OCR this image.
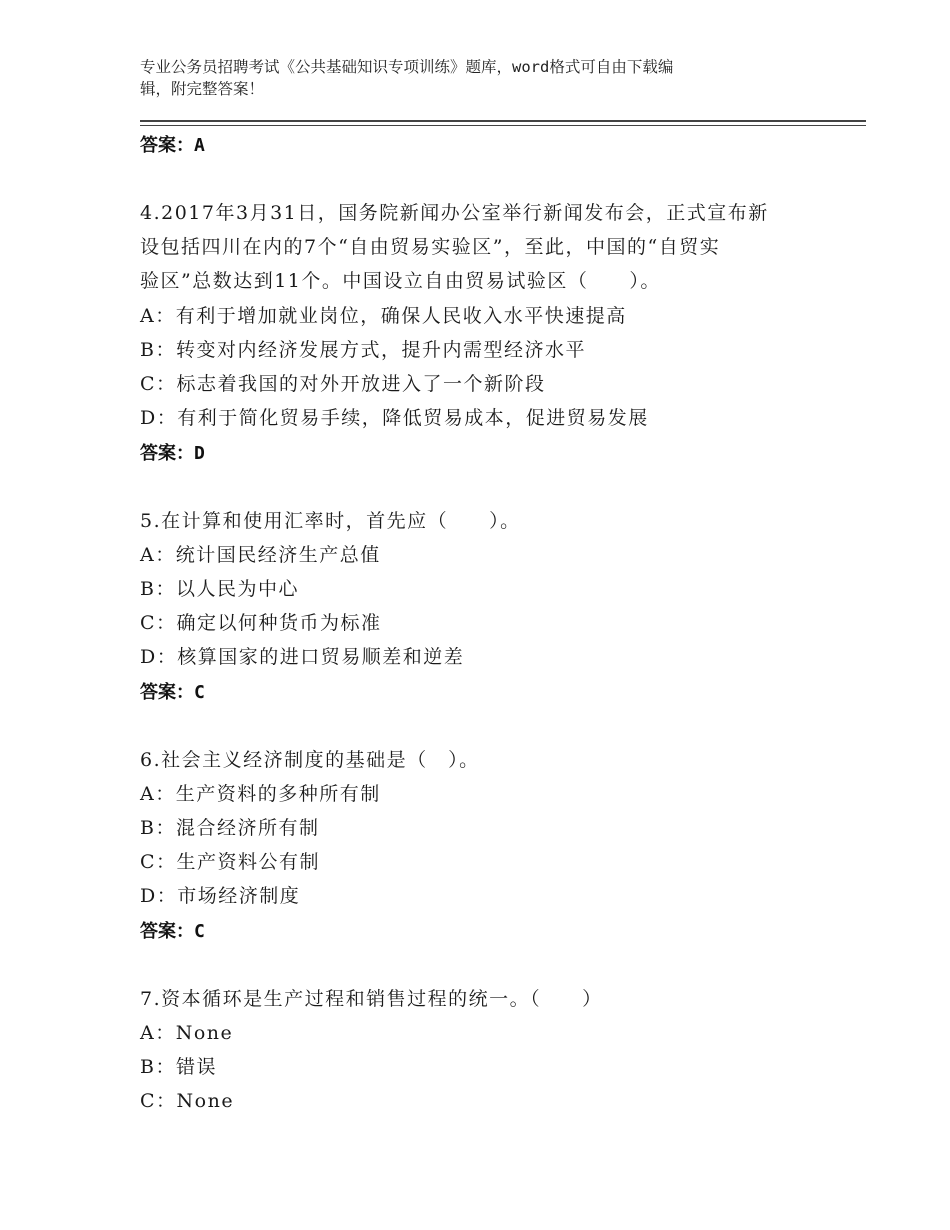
专业公务员招聘考试《公共基础知识专项训练》题库，word格式可自由下载编
辑，附完整答案！
答案：A
4.2017年3月31日，国务院新闻办公室举行新闻发布会，正式宣布新
设包括四川在内的7个“自由贸易实验区”，至此，中国的“自贸实
验区”总数达到11个。中国设立自由贸易试验区（　　）。
A：有利于增加就业岗位，确保人民收入水平快速提高
B：转变对内经济发展方式，提升内需型经济水平
C：标志着我国的对外开放进入了一个新阶段
D：有利于简化贸易手续，降低贸易成本，促进贸易发展
答案：D
5.在计算和使用汇率时，首先应（　　）。
A：统计国民经济生产总值
B：以人民为中心
C：确定以何种货币为标准
D：核算国家的进口贸易顺差和逆差
答案：C
6.社会主义经济制度的基础是（　）。
A：生产资料的多种所有制
B：混合经济所有制
C：生产资料公有制
D：市场经济制度
答案：C
7.资本循环是生产过程和销售过程的统一。（　　）
A：None
B：错误
C：None
